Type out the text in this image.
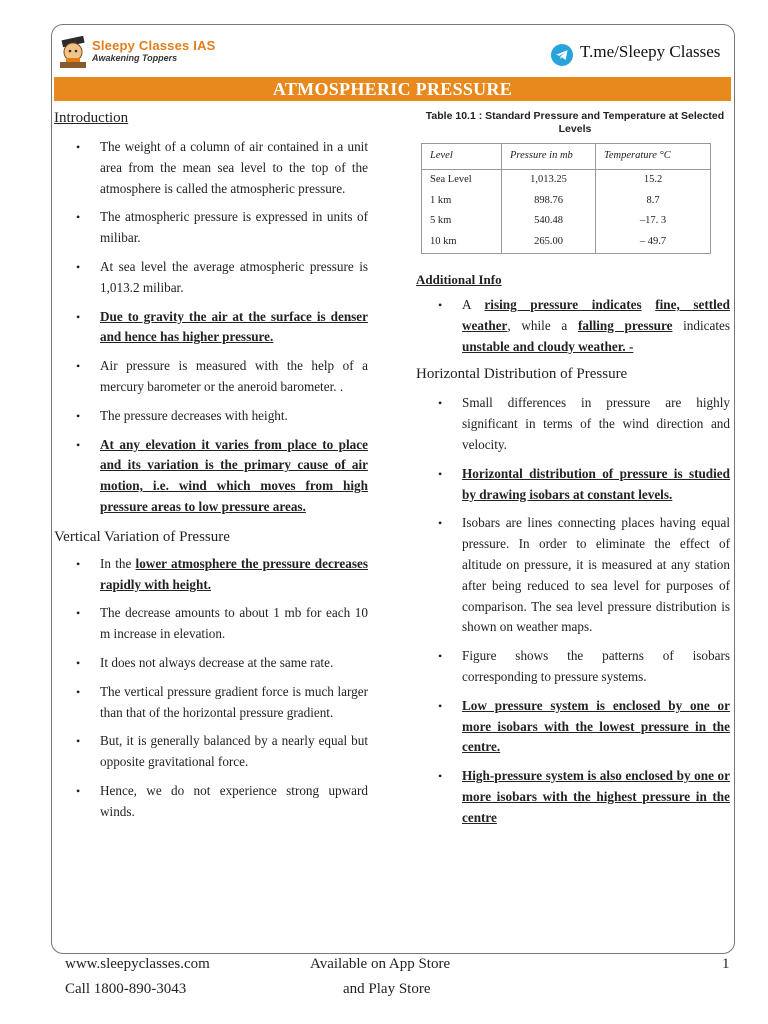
Sleepy Classes IAS
Awakening Toppers	T.me/Sleepy Classes
ATMOSPHERIC PRESSURE
Introduction
• The weight of a column of air contained in a unit area from the mean sea level to the top of the atmosphere is called the atmospheric pressure.
• The atmospheric pressure is expressed in units of milibar.
• At sea level the average atmospheric pressure is 1,013.2 milibar.
• Due to gravity the air at the surface is denser and hence has higher pressure.
• Air pressure is measured with the help of a mercury barometer or the aneroid barometer. .
• The pressure decreases with height.
• At any elevation it varies from place to place and its variation is the primary cause of air motion, i.e. wind which moves from high pressure areas to low pressure areas.
Vertical Variation of Pressure
• In the lower atmosphere the pressure decreases rapidly with height.
• The decrease amounts to about 1 mb for each 10 m increase in elevation.
• It does not always decrease at the same rate.
• The vertical pressure gradient force is much larger than that of the horizontal pressure gradient.
• But, it is generally balanced by a nearly equal but opposite gravitational force.
• Hence, we do not experience strong upward winds.
Table 10.1 : Standard Pressure and Temperature at Selected Levels
Level	Pressure in mb	Temperature °C
Sea Level	1,013.25	15.2
1 km	898.76	8.7
5 km	540.48	–17. 3
10 km	265.00	– 49.7
Additional Info
• A rising pressure indicates fine, settled weather, while a falling pressure indicates unstable and cloudy weather. -
Horizontal Distribution of Pressure
• Small differences in pressure are highly significant in terms of the wind direction and velocity.
• Horizontal distribution of pressure is studied by drawing isobars at constant levels.
• Isobars are lines connecting places having equal pressure. In order to eliminate the effect of altitude on pressure, it is measured at any station after being reduced to sea level for purposes of comparison. The sea level pressure distribution is shown on weather maps.
• Figure shows the patterns of isobars corresponding to pressure systems.
• Low pressure system is enclosed by one or more isobars with the lowest pressure in the centre.
• High-pressure system is also enclosed by one or more isobars with the highest pressure in the centre
www.sleepyclasses.com
Call 1800-890-3043
Available on App Store
and Play Store
1
